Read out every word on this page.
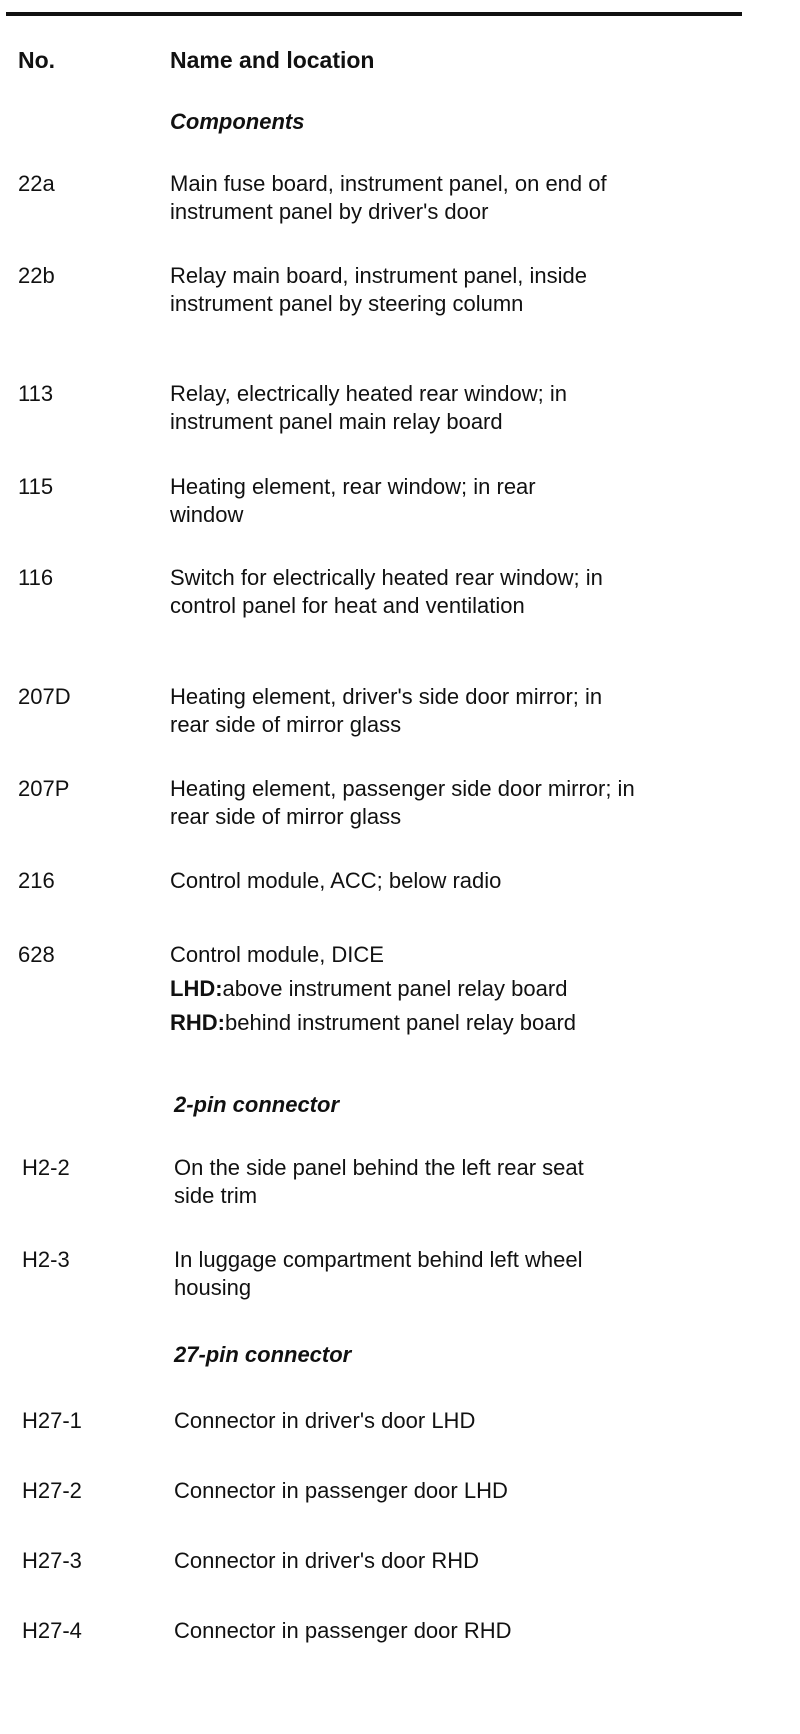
No.	Name and location
Components
22a	Main fuse board, instrument panel, on end of instrument panel by driver's door
22b	Relay main board, instrument panel, inside instrument panel by steering column
113	Relay, electrically heated rear window; in instrument panel main relay board
115	Heating element, rear window; in rear window
116	Switch for electrically heated rear window; in control panel for heat and ventilation
207D	Heating element, driver's side door mirror; in rear side of mirror glass
207P	Heating element, passenger side door mirror; in rear side of mirror glass
216	Control module, ACC; below radio
628	Control module, DICE
LHD:above instrument panel relay board
RHD:behind instrument panel relay board
2-pin connector
H2-2	On the side panel behind the left rear seat side trim
H2-3	In luggage compartment behind left wheel housing
27-pin connector
H27-1	Connector in driver's door LHD
H27-2	Connector in passenger door LHD
H27-3	Connector in driver's door RHD
H27-4	Connector in passenger door RHD
